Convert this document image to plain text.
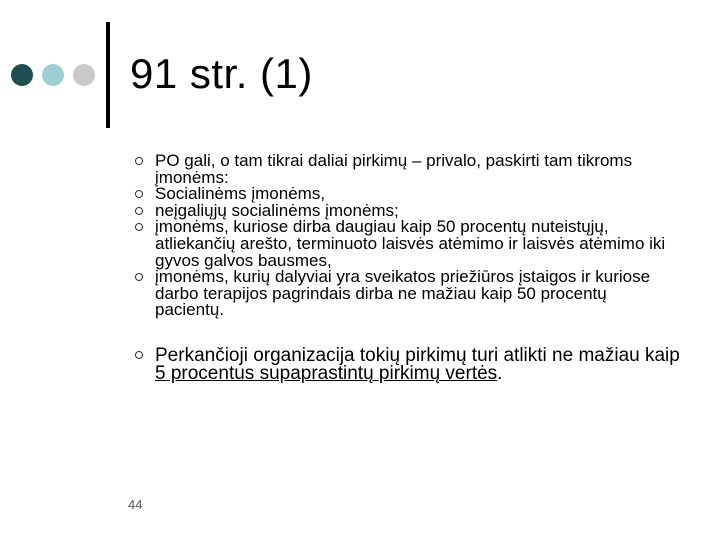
91 str. (1)
PO gali, o tam tikrai daliai pirkimų – privalo, paskirti tam tikroms įmonėms:
Socialinėms įmonėms,
neįgaliųjų socialinėms įmonėms;
įmonėms, kuriose dirba daugiau kaip 50 procentų nuteistųjų, atliekančių arešto, terminuoto laisvės atėmimo ir laisvės atėmimo iki gyvos galvos bausmes,
įmonėms, kurių dalyviai yra sveikatos priežiūros įstaigos ir kuriose darbo terapijos pagrindais dirba ne mažiau kaip 50 procentų pacientų.
Perkančioji organizacija tokių pirkimų turi atlikti ne mažiau kaip 5 procentus supaprastintų pirkimų vertės.
44
